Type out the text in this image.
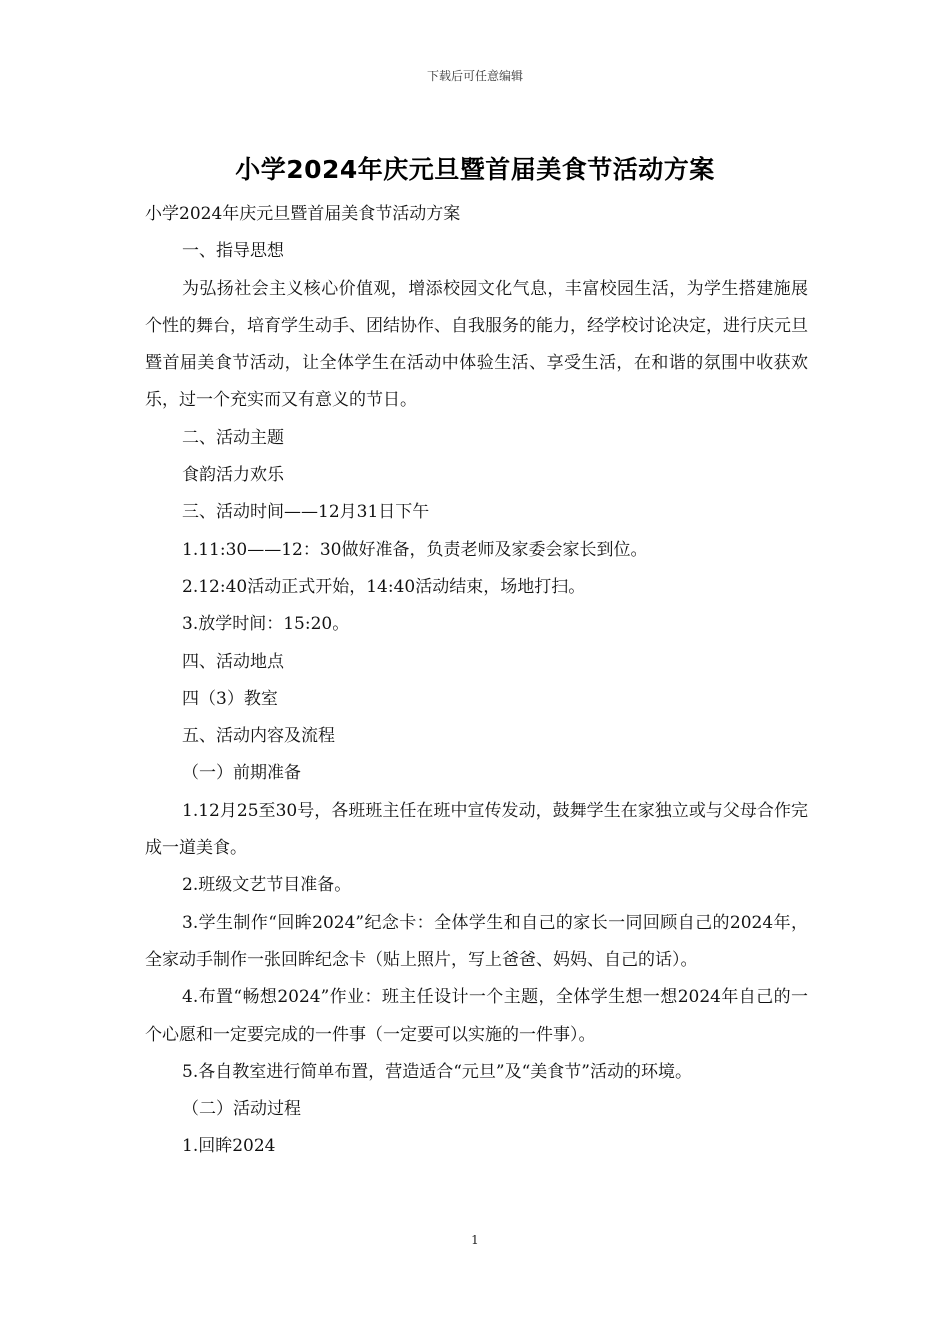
下载后可任意编辑
小学2024年庆元旦暨首届美食节活动方案

小学2024年庆元旦暨首届美食节活动方案

一、指导思想

为弘扬社会主义核心价值观，增添校园文化气息，丰富校园生活，为学生搭建施展个性的舞台，培育学生动手、团结协作、自我服务的能力，经学校讨论决定，进行庆元旦暨首届美食节活动，让全体学生在活动中体验生活、享受生活，在和谐的氛围中收获欢乐，过一个充实而又有意义的节日。

二、活动主题

食韵活力欢乐

三、活动时间——12月31日下午

1.11:30——12：30做好准备，负责老师及家委会家长到位。

2.12:40活动正式开始，14:40活动结束，场地打扫。

3.放学时间：15:20。

四、活动地点

四（3）教室

五、活动内容及流程

（一）前期准备

1.12月25至30号，各班班主任在班中宣传发动，鼓舞学生在家独立或与父母合作完成一道美食。

2.班级文艺节目准备。

3.学生制作“回眸2024”纪念卡：全体学生和自己的家长一同回顾自己的2024年，全家动手制作一张回眸纪念卡（贴上照片，写上爸爸、妈妈、自己的话）。

4.布置“畅想2024”作业：班主任设计一个主题，全体学生想一想2024年自己的一个心愿和一定要完成的一件事（一定要可以实施的一件事）。

5.各自教室进行简单布置，营造适合“元旦”及“美食节”活动的环境。

（二）活动过程

1.回眸2024

1
